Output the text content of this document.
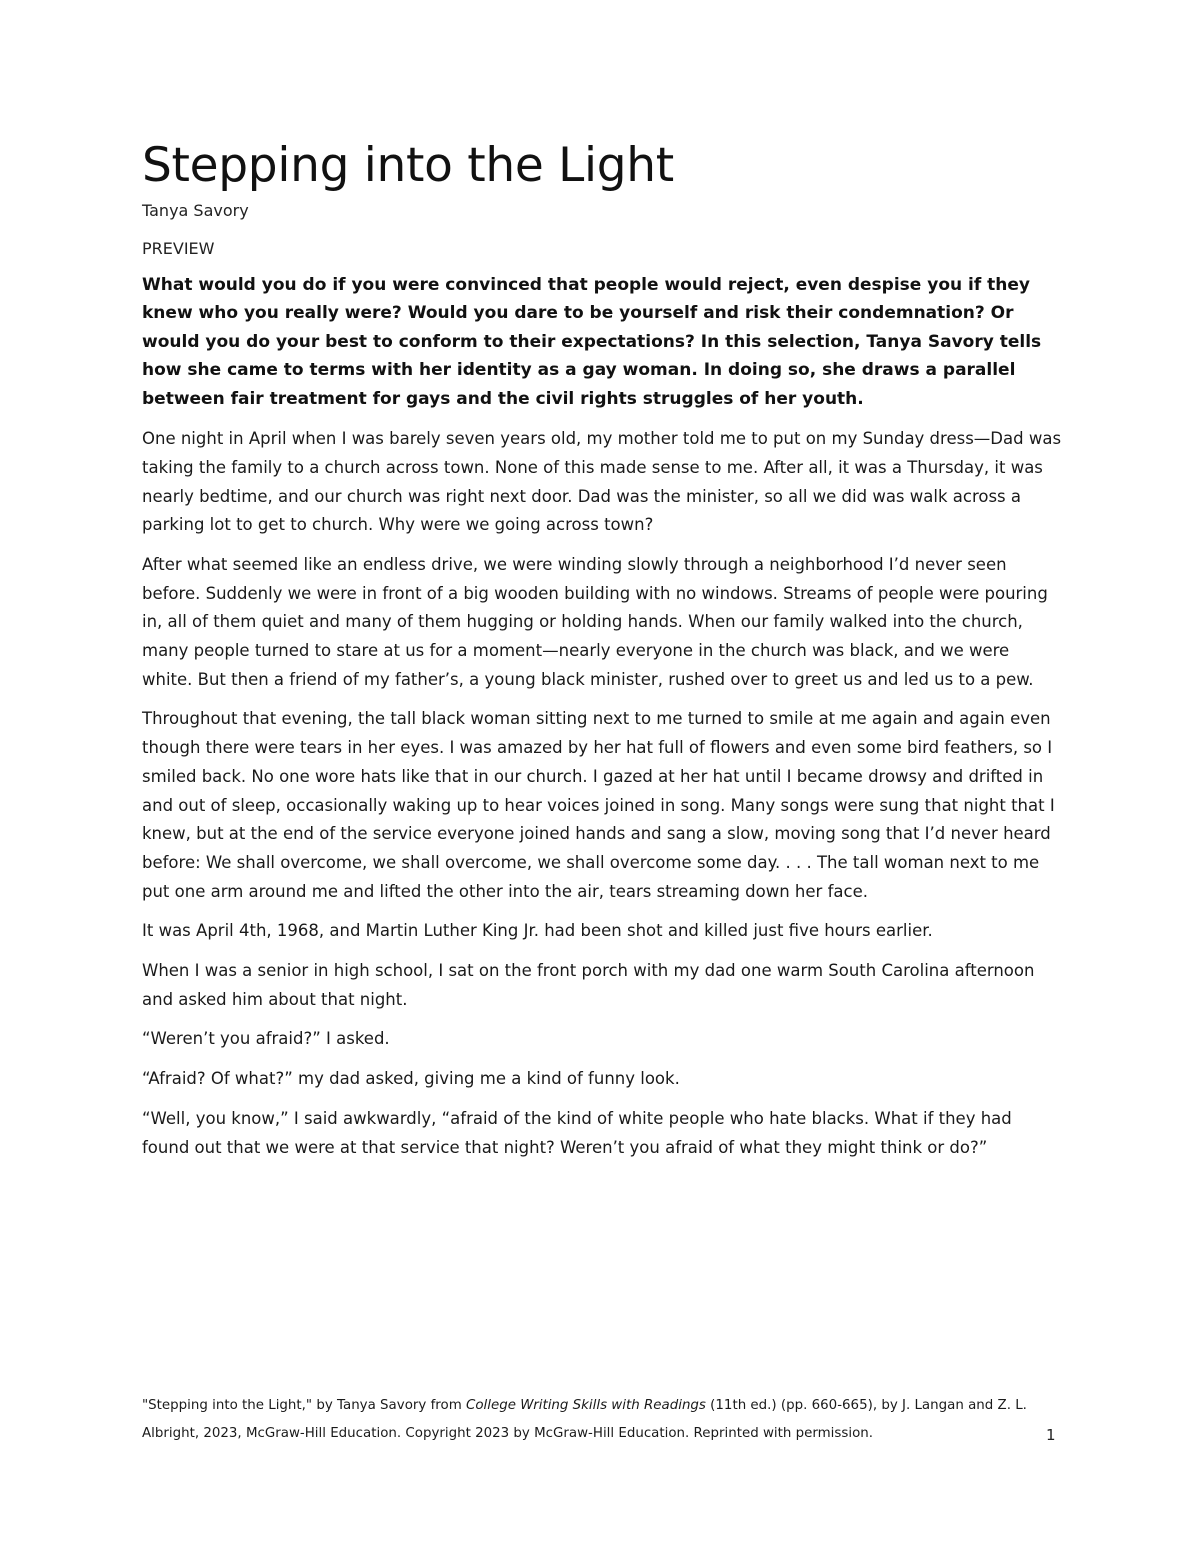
Stepping into the Light
Tanya Savory
PREVIEW

What would you do if you were convinced that people would reject, even despise you if they knew who you really were? Would you dare to be yourself and risk their condemnation? Or would you do your best to conform to their expectations? In this selection, Tanya Savory tells how she came to terms with her identity as a gay woman. In doing so, she draws a parallel between fair treatment for gays and the civil rights struggles of her youth.

One night in April when I was barely seven years old, my mother told me to put on my Sunday dress—Dad was taking the family to a church across town. None of this made sense to me. After all, it was a Thursday, it was nearly bedtime, and our church was right next door. Dad was the minister, so all we did was walk across a parking lot to get to church. Why were we going across town?

After what seemed like an endless drive, we were winding slowly through a neighborhood I’d never seen before. Suddenly we were in front of a big wooden building with no windows. Streams of people were pouring in, all of them quiet and many of them hugging or holding hands. When our family walked into the church, many people turned to stare at us for a moment—nearly everyone in the church was black, and we were white. But then a friend of my father’s, a young black minister, rushed over to greet us and led us to a pew.

Throughout that evening, the tall black woman sitting next to me turned to smile at me again and again even though there were tears in her eyes. I was amazed by her hat full of flowers and even some bird feathers, so I smiled back. No one wore hats like that in our church. I gazed at her hat until I became drowsy and drifted in and out of sleep, occasionally waking up to hear voices joined in song. Many songs were sung that night that I knew, but at the end of the service everyone joined hands and sang a slow, moving song that I’d never heard before: We shall overcome, we shall overcome, we shall overcome some day. . . . The tall woman next to me put one arm around me and lifted the other into the air, tears streaming down her face.

It was April 4th, 1968, and Martin Luther King Jr. had been shot and killed just five hours earlier.

When I was a senior in high school, I sat on the front porch with my dad one warm South Carolina afternoon and asked him about that night.

“Weren’t you afraid?” I asked.

“Afraid? Of what?” my dad asked, giving me a kind of funny look.

“Well, you know,” I said awkwardly, “afraid of the kind of white people who hate blacks. What if they had found out that we were at that service that night? Weren’t you afraid of what they might think or do?”

"Stepping into the Light," by Tanya Savory from College Writing Skills with Readings (11th ed.) (pp. 660-665), by J. Langan and Z. L. Albright, 2023, McGraw-Hill Education. Copyright 2023 by McGraw-Hill Education. Reprinted with permission.	1
